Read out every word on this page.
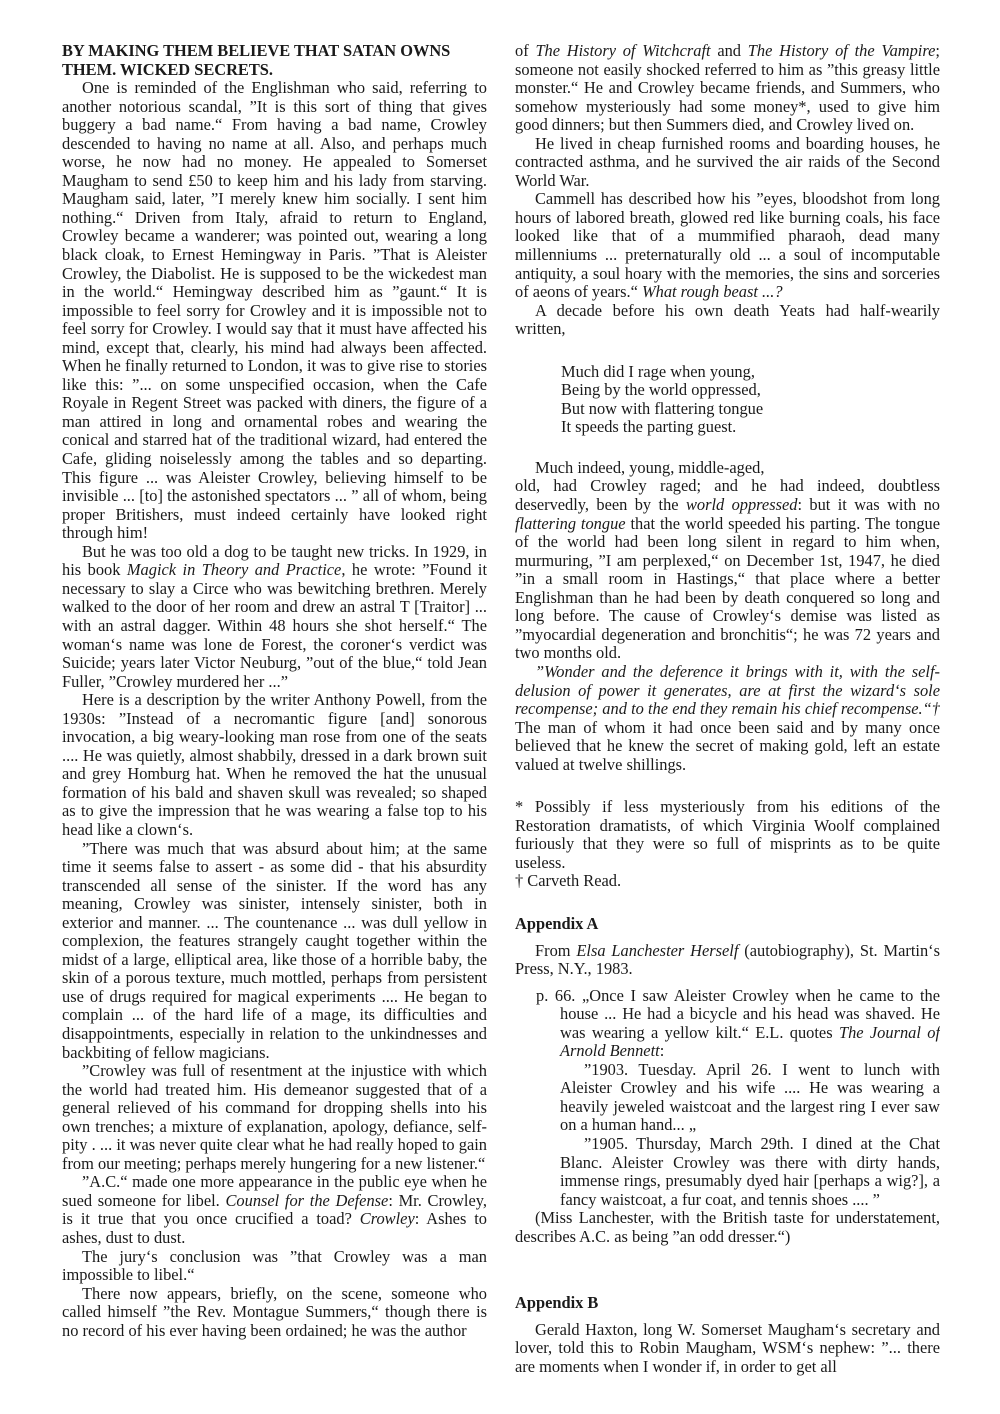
BY MAKING THEM BELIEVE THAT SATAN OWNS THEM. WICKED SECRETS.

One is reminded of the Englishman who said, referring to another notorious scandal, ”It is this sort of thing that gives buggery a bad name.“ From having a bad name, Crowley descended to having no name at all. Also, and perhaps much worse, he now had no money. He appealed to Somerset Maugham to send £50 to keep him and his lady from starving. Maugham said, later, ”I merely knew him socially. I sent him nothing.“ Driven from Italy, afraid to return to England, Crowley became a wanderer; was pointed out, wearing a long black cloak, to Ernest Hemingway in Paris. ”That is Aleister Crowley, the Diabolist. He is supposed to be the wickedest man in the world.“ Hemingway described him as ”gaunt.“ It is impossible to feel sorry for Crowley and it is impossible not to feel sorry for Crowley. I would say that it must have affected his mind, except that, clearly, his mind had always been affected. When he finally returned to London, it was to give rise to stories like this: ”... on some unspecified occasion, when the Cafe Royale in Regent Street was packed with diners, the figure of a man attired in long and ornamental robes and wearing the conical and starred hat of the traditional wizard, had entered the Cafe, gliding noiselessly among the tables and so departing. This figure ... was Aleister Crowley, believing himself to be invisible ... [to] the astonished spectators ... ” all of whom, being proper Britishers, must indeed certainly have looked right through him!

But he was too old a dog to be taught new tricks. In 1929, in his book Magick in Theory and Practice, he wrote: ”Found it necessary to slay a Circe who was bewitching brethren. Merely walked to the door of her room and drew an astral T [Traitor] ... with an astral dagger. Within 48 hours she shot herself.“ The woman‘s name was lone de Forest, the coroner‘s verdict was Suicide; years later Victor Neuburg, ”out of the blue,“ told Jean Fuller, ”Crowley murdered her ...”

Here is a description by the writer Anthony Powell, from the 1930s: ”Instead of a necromantic figure [and] sonorous invocation, a big weary-looking man rose from one of the seats .... He was quietly, almost shabbily, dressed in a dark brown suit and grey Homburg hat. When he removed the hat the unusual formation of his bald and shaven skull was revealed; so shaped as to give the impression that he was wearing a false top to his head like a clown‘s.

”There was much that was absurd about him; at the same time it seems false to assert - as some did - that his absurdity transcended all sense of the sinister. If the word has any meaning, Crowley was sinister, intensely sinister, both in exterior and manner. ... The countenance ... was dull yellow in complexion, the features strangely caught together within the midst of a large, elliptical area, like those of a horrible baby, the skin of a porous texture, much mottled, perhaps from persistent use of drugs required for magical experiments .... He began to complain ... of the hard life of a mage, its difficulties and disappointments, especially in relation to the unkindnesses and backbiting of fellow magicians.

”Crowley was full of resentment at the injustice with which the world had treated him. His demeanor suggested that of a general relieved of his command for dropping shells into his own trenches; a mixture of explanation, apology, defiance, self-pity . ... it was never quite clear what he had really hoped to gain from our meeting; perhaps merely hungering for a new listener.“

”A.C.“ made one more appearance in the public eye when he sued someone for libel. Counsel for the Defense: Mr. Crowley, is it true that you once crucified a toad? Crowley: Ashes to ashes, dust to dust.

The jury‘s conclusion was ”that Crowley was a man impossible to libel.“

There now appears, briefly, on the scene, someone who called himself ”the Rev. Montague Summers,“ though there is no record of his ever having been ordained; he was the author

of The History of Witchcraft and The History of the Vampire; someone not easily shocked referred to him as ”this greasy little monster.“ He and Crowley became friends, and Summers, who somehow mysteriously had some money*, used to give him good dinners; but then Summers died, and Crowley lived on.

He lived in cheap furnished rooms and boarding houses, he contracted asthma, and he survived the air raids of the Second World War.

Cammell has described how his ”eyes, bloodshot from long hours of labored breath, glowed red like burning coals, his face looked like that of a mummified pharaoh, dead many millenniums ... preternaturally old ... a soul of incomputable antiquity, a soul hoary with the memories, the sins and sorceries of aeons of years.“ What rough beast ...?

A decade before his own death Yeats had half-wearily written,

Much did I rage when young,
Being by the world oppressed,
But now with flattering tongue
It speeds the parting guest.

Much indeed, young, middle-aged,

old, had Crowley raged; and he had indeed, doubtless deservedly, been by the world oppressed: but it was with no flattering tongue that the world speeded his parting. The tongue of the world had been long silent in regard to him when, murmuring, ”I am perplexed,“ on December 1st, 1947, he died ”in a small room in Hastings,“ that place where a better Englishman than he had been by death conquered so long and long before. The cause of Crowley‘s demise was listed as ”myocardial degeneration and bronchitis“; he was 72 years and two months old.

”Wonder and the deference it brings with it, with the self-delusion of power it generates, are at first the wizard‘s sole recompense; and to the end they remain his chief recompense.“† The man of whom it had once been said and by many once believed that he knew the secret of making gold, left an estate valued at twelve shillings.

* Possibly if less mysteriously from his editions of the Restoration dramatists, of which Virginia Woolf complained furiously that they were so full of misprints as to be quite useless.

† Carveth Read.

Appendix A

From Elsa Lanchester Herself (autobiography), St. Martin‘s Press, N.Y., 1983.

p. 66. „Once I saw Aleister Crowley when he came to the house ... He had a bicycle and his head was shaved. He was wearing a yellow kilt.“ E.L. quotes The Journal of Arnold Bennett:

”1903. Tuesday. April 26. I went to lunch with Aleister Crowley and his wife .... He was wearing a heavily jeweled waistcoat and the largest ring I ever saw on a human hand... „

”1905. Thursday, March 29th. I dined at the Chat Blanc. Aleister Crowley was there with dirty hands, immense rings, presumably dyed hair [perhaps a wig?], a fancy waistcoat, a fur coat, and tennis shoes .... ”

(Miss Lanchester, with the British taste for understatement, describes A.C. as being ”an odd dresser.“)

Appendix B

Gerald Haxton, long W. Somerset Maugham‘s secretary and lover, told this to Robin Maugham, WSM‘s nephew: ”... there are moments when I wonder if, in order to get all
